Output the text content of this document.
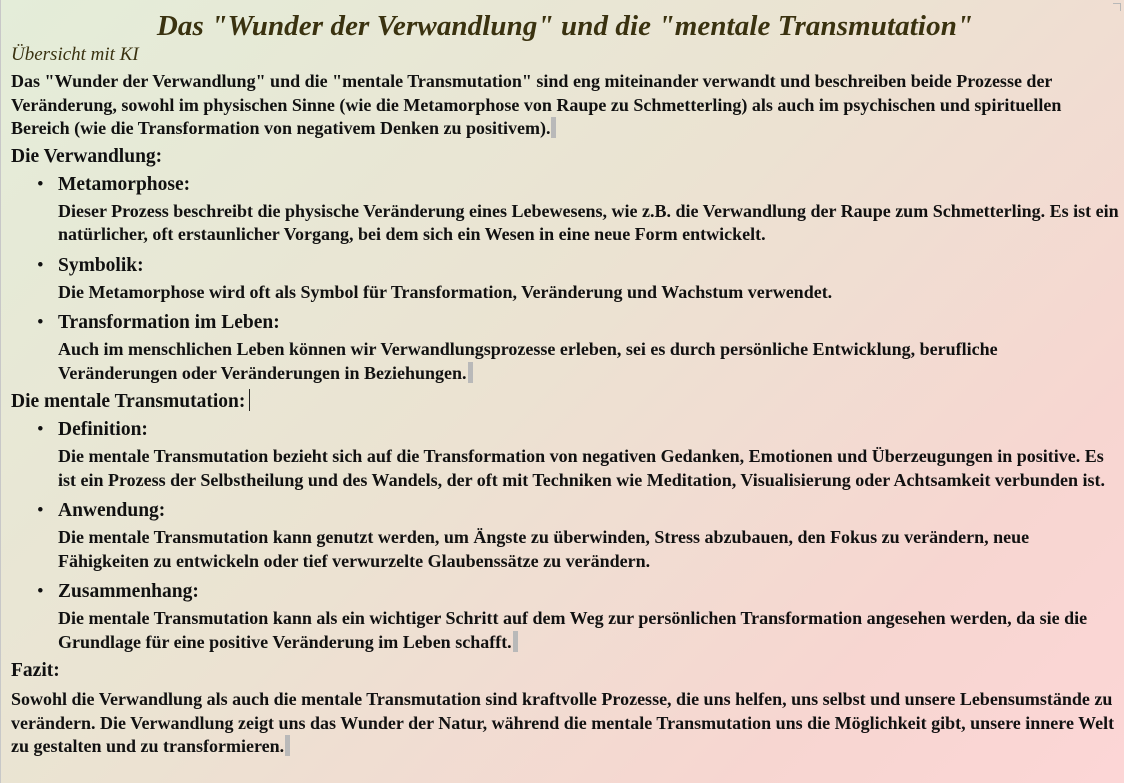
Das "Wunder der Verwandlung" und die "mentale Transmutation"
Übersicht mit KI

Das "Wunder der Verwandlung" und die "mentale Transmutation" sind eng miteinander verwandt und beschreiben beide Prozesse der Veränderung, sowohl im physischen Sinne (wie die Metamorphose von Raupe zu Schmetterling) als auch im psychischen und spirituellen Bereich (wie die Transformation von negativem Denken zu positivem).

Die Verwandlung:
• Metamorphose:

Dieser Prozess beschreibt die physische Veränderung eines Lebewesens, wie z.B. die Verwandlung der Raupe zum Schmetterling. Es ist ein natürlicher, oft erstaunlicher Vorgang, bei dem sich ein Wesen in eine neue Form entwickelt.

• Symbolik:

Die Metamorphose wird oft als Symbol für Transformation, Veränderung und Wachstum verwendet.

• Transformation im Leben:

Auch im menschlichen Leben können wir Verwandlungsprozesse erleben, sei es durch persönliche Entwicklung, berufliche Veränderungen oder Veränderungen in Beziehungen.

Die mentale Transmutation:
• Definition:

Die mentale Transmutation bezieht sich auf die Transformation von negativen Gedanken, Emotionen und Überzeugungen in positive. Es ist ein Prozess der Selbstheilung und des Wandels, der oft mit Techniken wie Meditation, Visualisierung oder Achtsamkeit verbunden ist.

• Anwendung:

Die mentale Transmutation kann genutzt werden, um Ängste zu überwinden, Stress abzubauen, den Fokus zu verändern, neue Fähigkeiten zu entwickeln oder tief verwurzelte Glaubenssätze zu verändern.

• Zusammenhang:

Die mentale Transmutation kann als ein wichtiger Schritt auf dem Weg zur persönlichen Transformation angesehen werden, da sie die Grundlage für eine positive Veränderung im Leben schafft.

Fazit:

Sowohl die Verwandlung als auch die mentale Transmutation sind kraftvolle Prozesse, die uns helfen, uns selbst und unsere Lebensumstände zu verändern. Die Verwandlung zeigt uns das Wunder der Natur, während die mentale Transmutation uns die Möglichkeit gibt, unsere innere Welt zu gestalten und zu transformieren.
